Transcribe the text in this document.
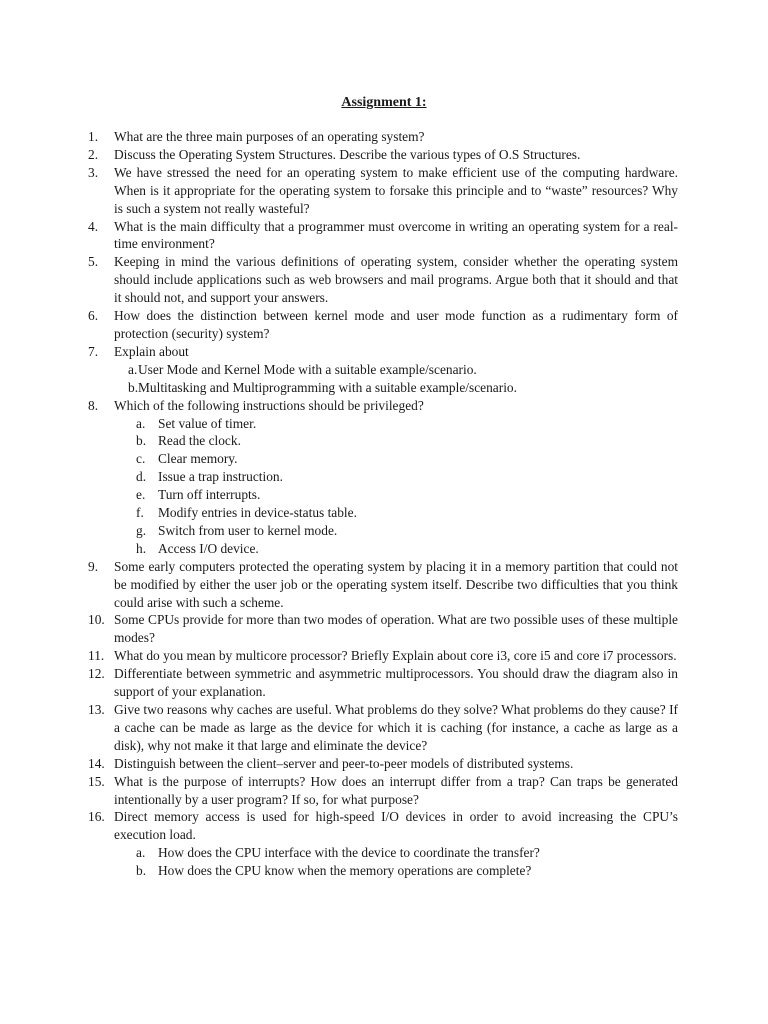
Assignment 1:
1. What are the three main purposes of an operating system?
2. Discuss the Operating System Structures. Describe the various types of O.S Structures.
3. We have stressed the need for an operating system to make efficient use of the computing hardware. When is it appropriate for the operating system to forsake this principle and to “waste” resources? Why is such a system not really wasteful?
4. What is the main difficulty that a programmer must overcome in writing an operating system for a real-time environment?
5. Keeping in mind the various definitions of operating system, consider whether the operating system should include applications such as web browsers and mail programs. Argue both that it should and that it should not, and support your answers.
6. How does the distinction between kernel mode and user mode function as a rudimentary form of protection (security) system?
7. Explain about
a. User Mode and Kernel Mode with a suitable example/scenario.
b. Multitasking and Multiprogramming with a suitable example/scenario.
8. Which of the following instructions should be privileged?
a. Set value of timer.
b. Read the clock.
c. Clear memory.
d. Issue a trap instruction.
e. Turn off interrupts.
f. Modify entries in device-status table.
g. Switch from user to kernel mode.
h. Access I/O device.
9. Some early computers protected the operating system by placing it in a memory partition that could not be modified by either the user job or the operating system itself. Describe two difficulties that you think could arise with such a scheme.
10. Some CPUs provide for more than two modes of operation. What are two possible uses of these multiple modes?
11. What do you mean by multicore processor? Briefly Explain about core i3, core i5 and core i7 processors.
12. Differentiate between symmetric and asymmetric multiprocessors. You should draw the diagram also in support of your explanation.
13. Give two reasons why caches are useful. What problems do they solve? What problems do they cause? If a cache can be made as large as the device for which it is caching (for instance, a cache as large as a disk), why not make it that large and eliminate the device?
14. Distinguish between the client–server and peer-to-peer models of distributed systems.
15. What is the purpose of interrupts? How does an interrupt differ from a trap? Can traps be generated intentionally by a user program? If so, for what purpose?
16. Direct memory access is used for high-speed I/O devices in order to avoid increasing the CPU’s execution load.
a. How does the CPU interface with the device to coordinate the transfer?
b. How does the CPU know when the memory operations are complete?
